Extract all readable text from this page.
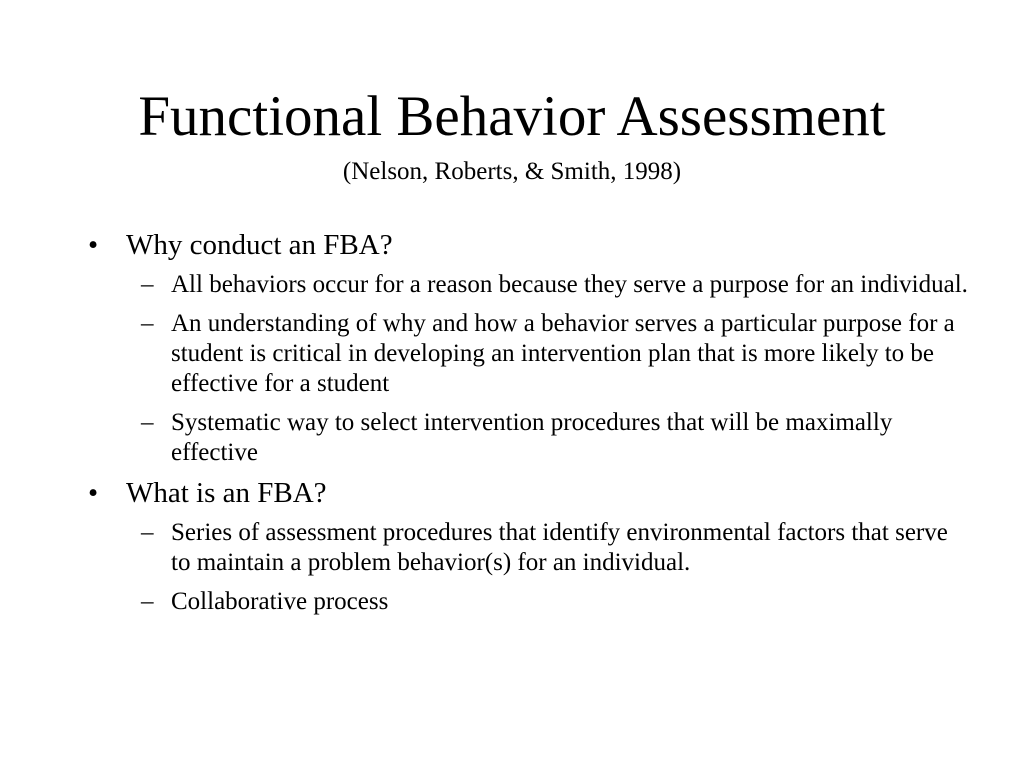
Functional Behavior Assessment
(Nelson, Roberts, & Smith, 1998)
• Why conduct an FBA?
– All behaviors occur for a reason because they serve a purpose for an individual.
– An understanding of why and how a behavior serves a particular purpose for a student is critical in developing an intervention plan that is more likely to be effective for a student
– Systematic way to select intervention procedures that will be maximally effective
• What is an FBA?
– Series of assessment procedures that identify environmental factors that serve to maintain a problem behavior(s) for an individual.
– Collaborative process
